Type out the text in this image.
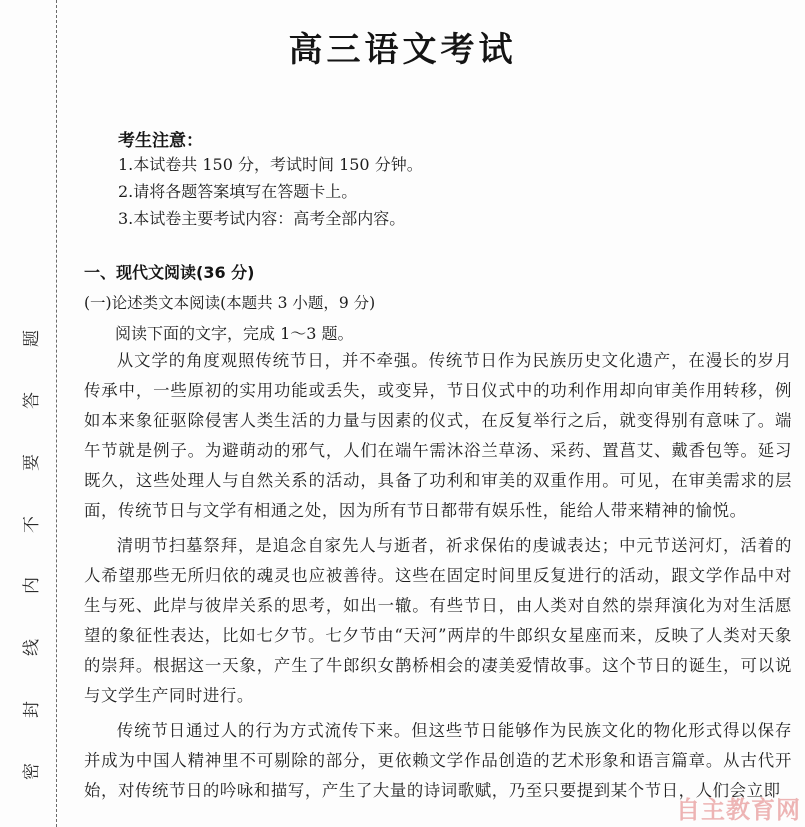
题
答
要
不
内
线
封
密
高三语文考试
考生注意：
1.本试卷共 150 分，考试时间 150 分钟。
2.请将各题答案填写在答题卡上。
3.本试卷主要考试内容：高考全部内容。
一、现代文阅读(36 分)
(一)论述类文本阅读(本题共 3 小题，9 分)
阅读下面的文字，完成 1～3 题。

从文学的角度观照传统节日，并不牵强。传统节日作为民族历史文化遗产，在漫长的岁月传承中，一些原初的实用功能或丢失，或变异，节日仪式中的功利作用却向审美作用转移，例如本来象征驱除侵害人类生活的力量与因素的仪式，在反复举行之后，就变得别有意味了。端午节就是例子。为避萌动的邪气，人们在端午需沐浴兰草汤、采药、置菖艾、戴香包等。延习既久，这些处理人与自然关系的活动，具备了功利和审美的双重作用。可见，在审美需求的层面，传统节日与文学有相通之处，因为所有节日都带有娱乐性，能给人带来精神的愉悦。

清明节扫墓祭拜，是追念自家先人与逝者，祈求保佑的虔诚表达；中元节送河灯，活着的人希望那些无所归依的魂灵也应被善待。这些在固定时间里反复进行的活动，跟文学作品中对生与死、此岸与彼岸关系的思考，如出一辙。有些节日，由人类对自然的崇拜演化为对生活愿望的象征性表达，比如七夕节。七夕节由“天河”两岸的牛郎织女星座而来，反映了人类对天象的崇拜。根据这一天象，产生了牛郎织女鹊桥相会的凄美爱情故事。这个节日的诞生，可以说与文学生产同时进行。

传统节日通过人的行为方式流传下来。但这些节日能够作为民族文化的物化形式得以保存并成为中国人精神里不可剔除的部分，更依赖文学作品创造的艺术形象和语言篇章。从古代开始，对传统节日的吟咏和描写，产生了大量的诗词歌赋，乃至只要提到某个节日，人们会立即

自主教育网
